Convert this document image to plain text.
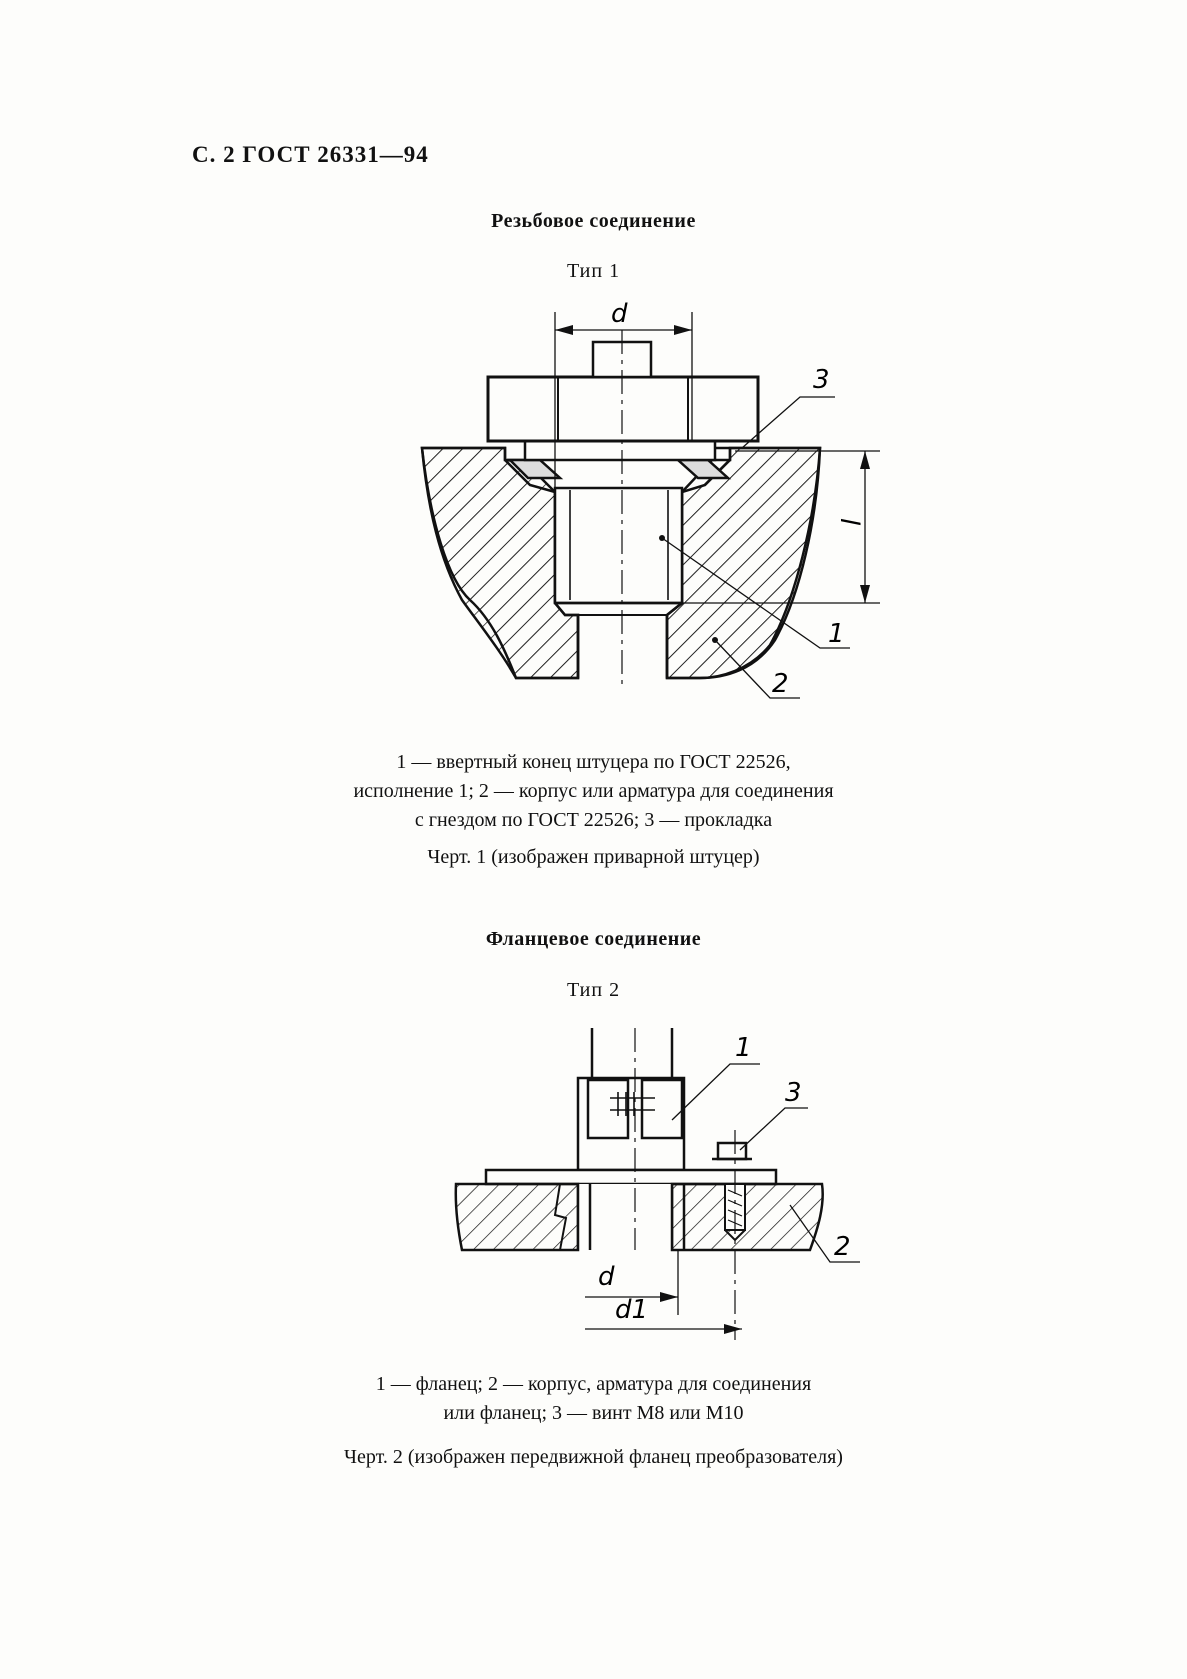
С. 2 ГОСТ 26331—94
Резьбовое соединение
Тип 1
d
l
3
1
2
1 — ввертный конец штуцера по ГОСТ 22526,
исполнение 1; 2 — корпус или арматура для соединения
с гнездом по ГОСТ 22526; 3 — прокладка
Черт. 1 (изображен приварной штуцер)
Фланцевое соединение
Тип 2
d
d1
1
3
2
1 — фланец; 2 — корпус, арматура для соединения
или фланец; 3 — винт М8 или М10
Черт. 2 (изображен передвижной фланец преобразователя)
